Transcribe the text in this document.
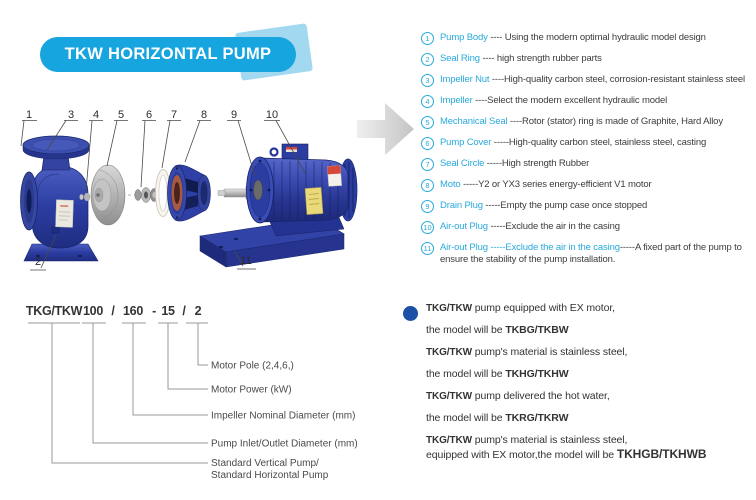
TKW HORIZONTAL PUMP
1
2
3 4 5 6 7 8 9	10
11
1	Pump Body ---- Using the modern optimal hydraulic model design
2	Seal Ring ---- high strength rubber parts
3	Impeller Nut ----High-quality carbon steel, corrosion-resistant stainless steel
4	Impeller ----Select the modern excellent hydraulic model
5	Mechanical Seal ----Rotor (stator) ring is made of Graphite, Hard Alloy
6	Pump Cover -----High-quality carbon steel, stainless steel, casting
7	Seal Circle -----High strength Rubber
8	Moto -----Y2 or YX3 series energy-efficient V1 motor
9	Drain Plug -----Empty the pump case once stopped
10 Air-out Plug -----Exclude the air in the casing
11 Air-out Plug -----Exclude the air in the casing-----A fixed part of the pump to ensure the stability of the pump installation.
TKG/TKW 100 / 160 - 15 / 2
Motor Pole (2,4,6,)
Motor Power (kW)
Impeller Nominal Diameter (mm)
Pump Inlet/Outlet Diameter (mm)
Standard Vertical Pump/
Standard Horizontal Pump
TKG/TKW pump equipped with EX motor,
the model will be TKBG/TKBW
TKG/TKW pump's material is stainless steel,
the model will be TKHG/TKHW
TKG/TKW pump delivered the hot water,
the model will be TKRG/TKRW
TKG/TKW pump's material is stainless steel,
equipped with EX motor,the model will be TKHGB/TKHWB
